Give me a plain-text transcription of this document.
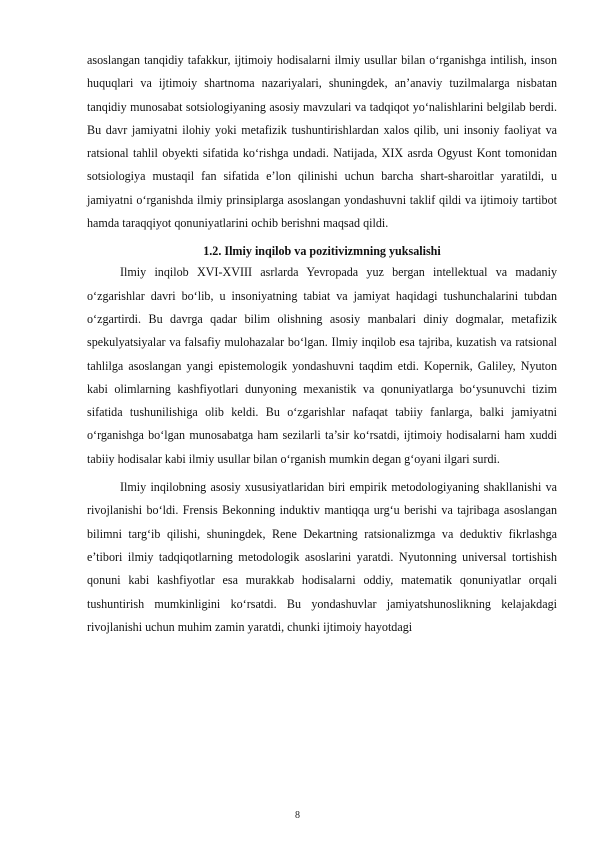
asoslangan tanqidiy tafakkur, ijtimoiy hodisalarni ilmiy usullar bilan o‘rganishga intilish, inson huquqlari va ijtimoiy shartnoma nazariyalari, shuningdek, an’anaviy tuzilmalarga nisbatan tanqidiy munosabat sotsiologiyaning asosiy mavzulari va tadqiqot yo‘nalishlarini belgilab berdi. Bu davr jamiyatni ilohiy yoki metafizik tushuntirishlardan xalos qilib, uni insoniy faoliyat va ratsional tahlil obyekti sifatida ko‘rishga undadi. Natijada, XIX asrda Ogyust Kont tomonidan sotsiologiya mustaqil fan sifatida e’lon qilinishi uchun barcha shart-sharoitlar yaratildi, u jamiyatni o‘rganishda ilmiy prinsiplarga asoslangan yondashuvni taklif qildi va ijtimoiy tartibot hamda taraqqiyot qonuniyatlarini ochib berishni maqsad qildi.

1.2. Ilmiy inqilob va pozitivizmning yuksalishi

Ilmiy inqilob XVI-XVIII asrlarda Yevropada yuz bergan intellektual va madaniy o‘zgarishlar davri bo‘lib, u insoniyatning tabiat va jamiyat haqidagi tushunchalarini tubdan o‘zgartirdi. Bu davrga qadar bilim olishning asosiy manbalari diniy dogmalar, metafizik spekulyatsiyalar va falsafiy mulohazalar bo‘lgan. Ilmiy inqilob esa tajriba, kuzatish va ratsional tahlilga asoslangan yangi epistemologik yondashuvni taqdim etdi. Kopernik, Galiley, Nyuton kabi olimlarning kashfiyotlari dunyoning mexanistik va qonuniyatlarga bo‘ysunuvchi tizim sifatida tushunilishiga olib keldi. Bu o‘zgarishlar nafaqat tabiiy fanlarga, balki jamiyatni o‘rganishga bo‘lgan munosabatga ham sezilarli ta’sir ko‘rsatdi, ijtimoiy hodisalarni ham xuddi tabiiy hodisalar kabi ilmiy usullar bilan o‘rganish mumkin degan g‘oyani ilgari surdi.

Ilmiy inqilobning asosiy xususiyatlaridan biri empirik metodologiyaning shakllanishi va rivojlanishi bo‘ldi. Frensis Bekonning induktiv mantiqqa urg‘u berishi va tajribaga asoslangan bilimni targ‘ib qilishi, shuningdek, Rene Dekartning ratsionalizmga va deduktiv fikrlashga e’tibori ilmiy tadqiqotlarning metodologik asoslarini yaratdi. Nyutonning universal tortishish qonuni kabi kashfiyotlar esa murakkab hodisalarni oddiy, matematik qonuniyatlar orqali tushuntirish mumkinligini ko‘rsatdi. Bu yondashuvlar jamiyatshunoslikning kelajakdagi rivojlanishi uchun muhim zamin yaratdi, chunki ijtimoiy hayotdagi

8
